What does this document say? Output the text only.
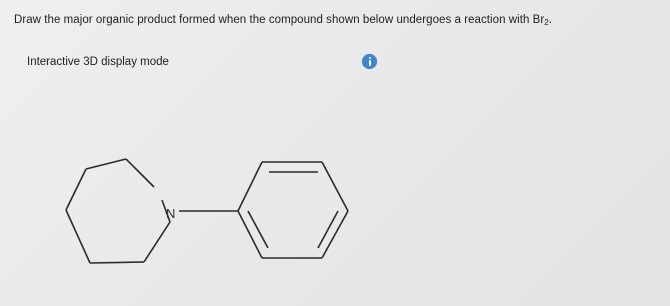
Draw the major organic product formed when the compound shown below undergoes a reaction with $Br_2$.
Interactive 3D display mode
N
